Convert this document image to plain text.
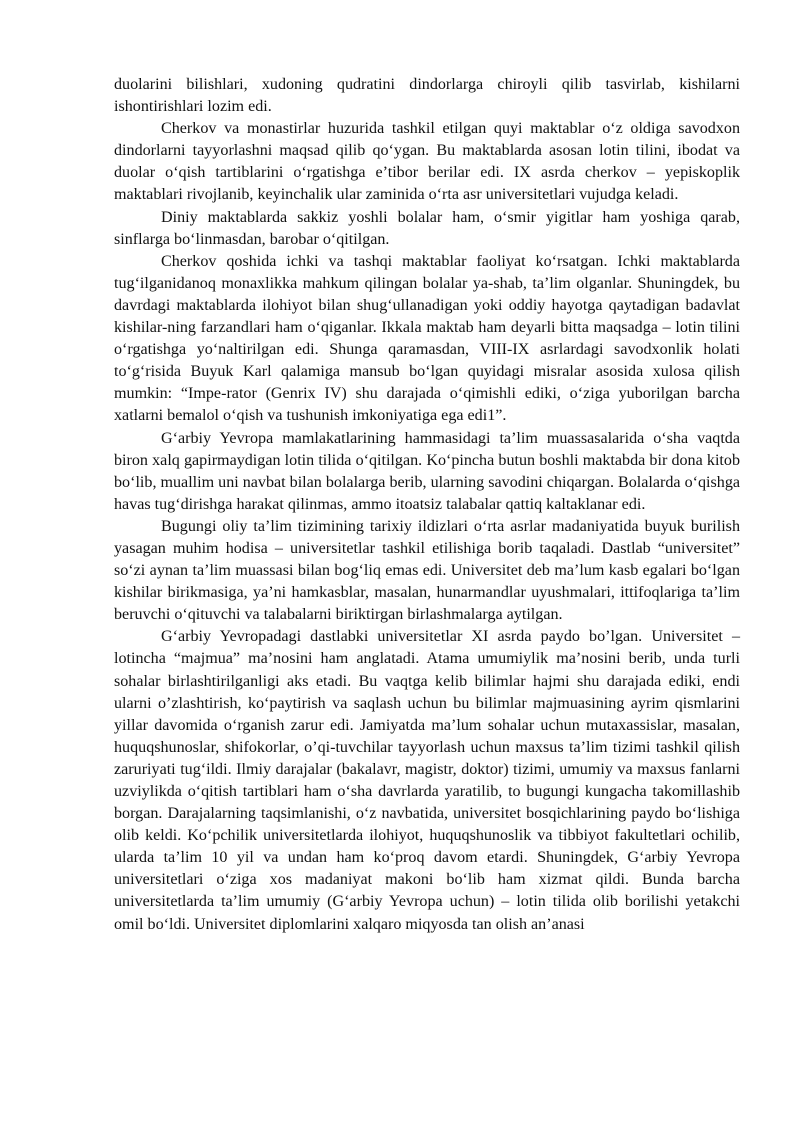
duolarini bilishlari, xudoning qudratini dindorlarga chiroyli qilib tasvirlab, kishilarni ishontirishlari lozim edi.

Cherkov va monastirlar huzurida tashkil etilgan quyi maktablar o‘z oldiga savodxon dindorlarni tayyorlashni maqsad qilib qo‘ygan. Bu maktablarda asosan lotin tilini, ibodat va duolar o‘qish tartiblarini o‘rgatishga e’tibor berilar edi. IX asrda cherkov – yepiskoplik maktablari rivojlanib, keyinchalik ular zaminida o‘rta asr universitetlari vujudga keladi.

Diniy maktablarda sakkiz yoshli bolalar ham, o‘smir yigitlar ham yoshiga qarab, sinflarga bo‘linmasdan, barobar o‘qitilgan.

Cherkov qoshida ichki va tashqi maktablar faoliyat ko‘rsatgan. Ichki maktablarda tug‘ilganidanoq monaxlikka mahkum qilingan bolalar ya-shab, ta’lim olganlar. Shuningdek, bu davrdagi maktablarda ilohiyot bilan shug‘ullanadigan yoki oddiy hayotga qaytadigan badavlat kishilar-ning farzandlari ham o‘qiganlar. Ikkala maktab ham deyarli bitta maqsadga – lotin tilini o‘rgatishga yo‘naltirilgan edi. Shunga qaramasdan, VIII-IX asrlardagi savodxonlik holati to‘g‘risida Buyuk Karl qalamiga mansub bo‘lgan quyidagi misralar asosida xulosa qilish mumkin: “Impe-rator (Genrix IV) shu darajada o‘qimishli ediki, o‘ziga yuborilgan barcha xatlarni bemalol o‘qish va tushunish imkoniyatiga ega edi1”.

G‘arbiy Yevropa mamlakatlarining hammasidagi ta’lim muassasalarida o‘sha vaqtda biron xalq gapirmaydigan lotin tilida o‘qitilgan. Ko‘pincha butun boshli maktabda bir dona kitob bo‘lib, muallim uni navbat bilan bolalarga berib, ularning savodini chiqargan. Bolalarda o‘qishga havas tug‘dirishga harakat qilinmas, ammo itoatsiz talabalar qattiq kaltaklanar edi.

Bugungi oliy ta’lim tizimining tarixiy ildizlari o‘rta asrlar madaniyatida buyuk burilish yasagan muhim hodisa – universitetlar tashkil etilishiga borib taqaladi. Dastlab “universitet” so‘zi aynan ta’lim muassasi bilan bog‘liq emas edi. Universitet deb ma’lum kasb egalari bo‘lgan kishilar birikmasiga, ya’ni hamkasblar, masalan, hunarmandlar uyushmalari, ittifoqlariga ta’lim beruvchi o‘qituvchi va talabalarni biriktirgan birlashmalarga aytilgan.

G‘arbiy Yevropadagi dastlabki universitetlar XI asrda paydo bo’lgan. Universitet – lotincha “majmua” ma’nosini ham anglatadi. Atama umumiylik ma’nosini berib, unda turli sohalar birlashtirilganligi aks etadi. Bu vaqtga kelib bilimlar hajmi shu darajada ediki, endi ularni o’zlashtirish, ko‘paytirish va saqlash uchun bu bilimlar majmuasining ayrim qismlarini yillar davomida o‘rganish zarur edi. Jamiyatda ma’lum sohalar uchun mutaxassislar, masalan, huquqshunoslar, shifokorlar, o’qi-tuvchilar tayyorlash uchun maxsus ta’lim tizimi tashkil qilish zaruriyati tug‘ildi. Ilmiy darajalar (bakalavr, magistr, doktor) tizimi, umumiy va maxsus fanlarni uzviylikda o‘qitish tartiblari ham o‘sha davrlarda yaratilib, to bugungi kungacha takomillashib borgan. Darajalarning taqsimlanishi, o‘z navbatida, universitet bosqichlarining paydo bo‘lishiga olib keldi. Ko‘pchilik universitetlarda ilohiyot, huquqshunoslik va tibbiyot fakultetlari ochilib, ularda ta’lim 10 yil va undan ham ko‘proq davom etardi. Shuningdek, G‘arbiy Yevropa universitetlari o‘ziga xos madaniyat makoni bo‘lib ham xizmat qildi. Bunda barcha universitetlarda ta’lim umumiy (G‘arbiy Yevropa uchun) – lotin tilida olib borilishi yetakchi omil bo‘ldi. Universitet diplomlarini xalqaro miqyosda tan olish an’anasi
